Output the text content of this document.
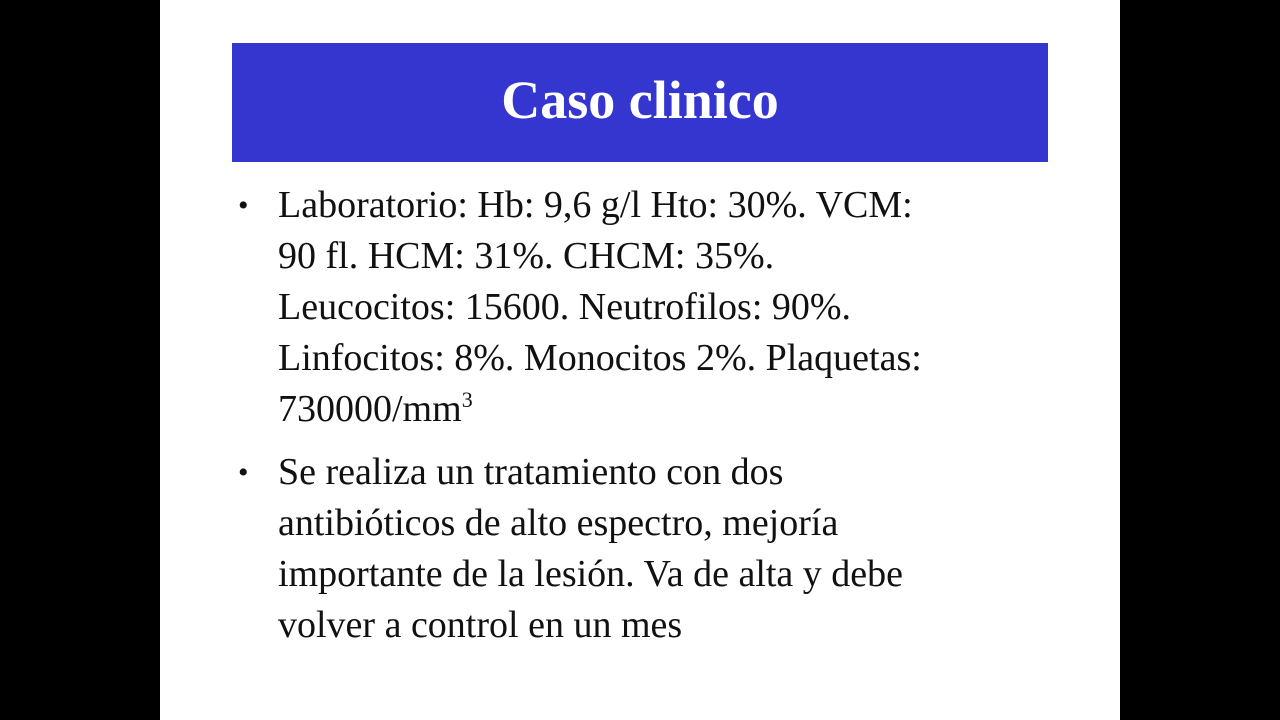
Caso clinico
• Laboratorio: Hb: 9,6 g/l Hto: 30%. VCM:
90 fl. HCM: 31%. CHCM: 35%.
Leucocitos: 15600. Neutrofilos: 90%.
Linfocitos: 8%. Monocitos 2%. Plaquetas:
$730000/mm^3$
• Se realiza un tratamiento con dos
antibióticos de alto espectro, mejoría
importante de la lesión. Va de alta y debe
volver a control en un mes
